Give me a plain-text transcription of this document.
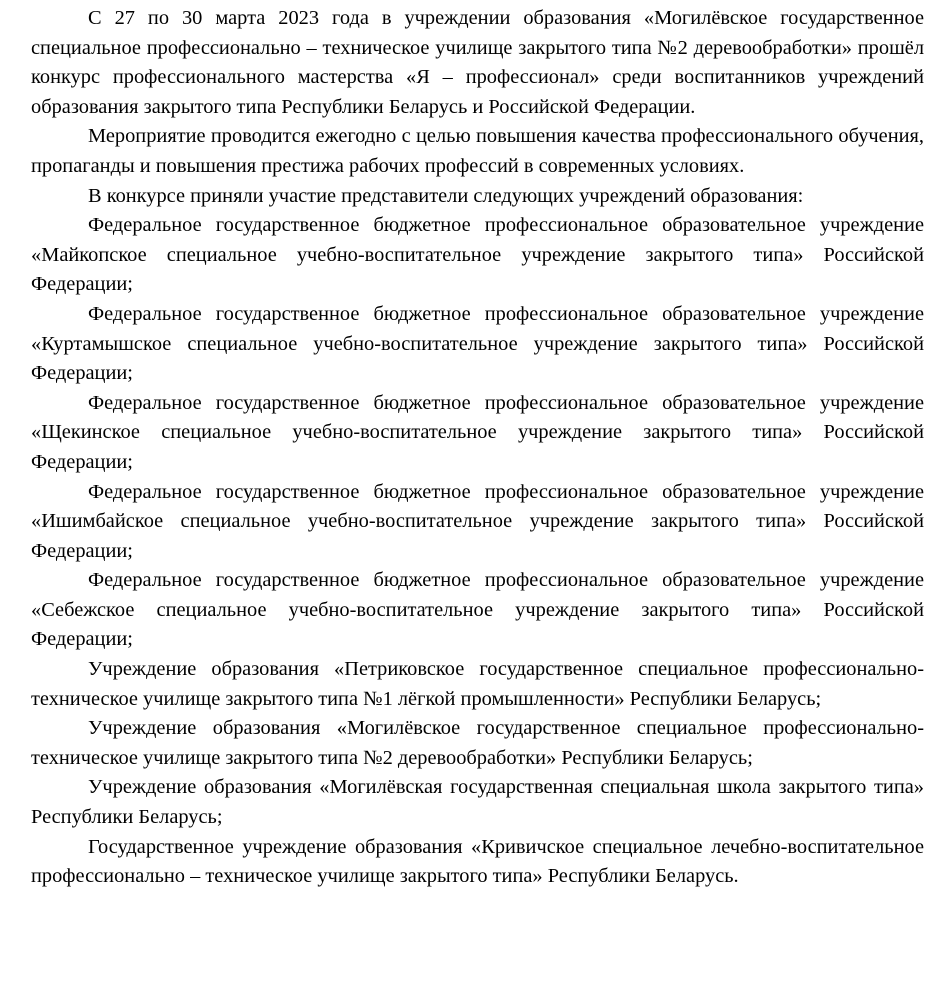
С 27 по 30 марта 2023 года в учреждении образования «Могилёвское государственное специальное профессионально – техническое училище закрытого типа №2 деревообработки» прошёл конкурс профессионального мастерства «Я – профессионал» среди воспитанников учреждений образования закрытого типа Республики Беларусь и Российской Федерации.

Мероприятие проводится ежегодно с целью повышения качества профессионального обучения, пропаганды и повышения престижа рабочих профессий в современных условиях.

В конкурсе приняли участие представители следующих учреждений образования:

Федеральное государственное бюджетное профессиональное образовательное учреждение «Майкопское специальное учебно-воспитательное учреждение закрытого типа» Российской Федерации;

Федеральное государственное бюджетное профессиональное образовательное учреждение «Куртамышское специальное учебно-воспитательное учреждение закрытого типа» Российской Федерации;

Федеральное государственное бюджетное профессиональное образовательное учреждение «Щекинское специальное учебно-воспитательное учреждение закрытого типа» Российской Федерации;

Федеральное государственное бюджетное профессиональное образовательное учреждение «Ишимбайское специальное учебно-воспитательное учреждение закрытого типа» Российской Федерации;

Федеральное государственное бюджетное профессиональное образовательное учреждение «Себежское специальное учебно-воспитательное учреждение закрытого типа» Российской Федерации;

Учреждение образования «Петриковское государственное специальное профессионально-техническое училище закрытого типа №1 лёгкой промышленности» Республики Беларусь;

Учреждение образования «Могилёвское государственное специальное профессионально-техническое училище закрытого типа №2 деревообработки» Республики Беларусь;

Учреждение образования «Могилёвская государственная специальная школа закрытого типа» Республики Беларусь;

Государственное учреждение образования «Кривичское специальное лечебно-воспитательное профессионально – техническое училище закрытого типа» Республики Беларусь.
